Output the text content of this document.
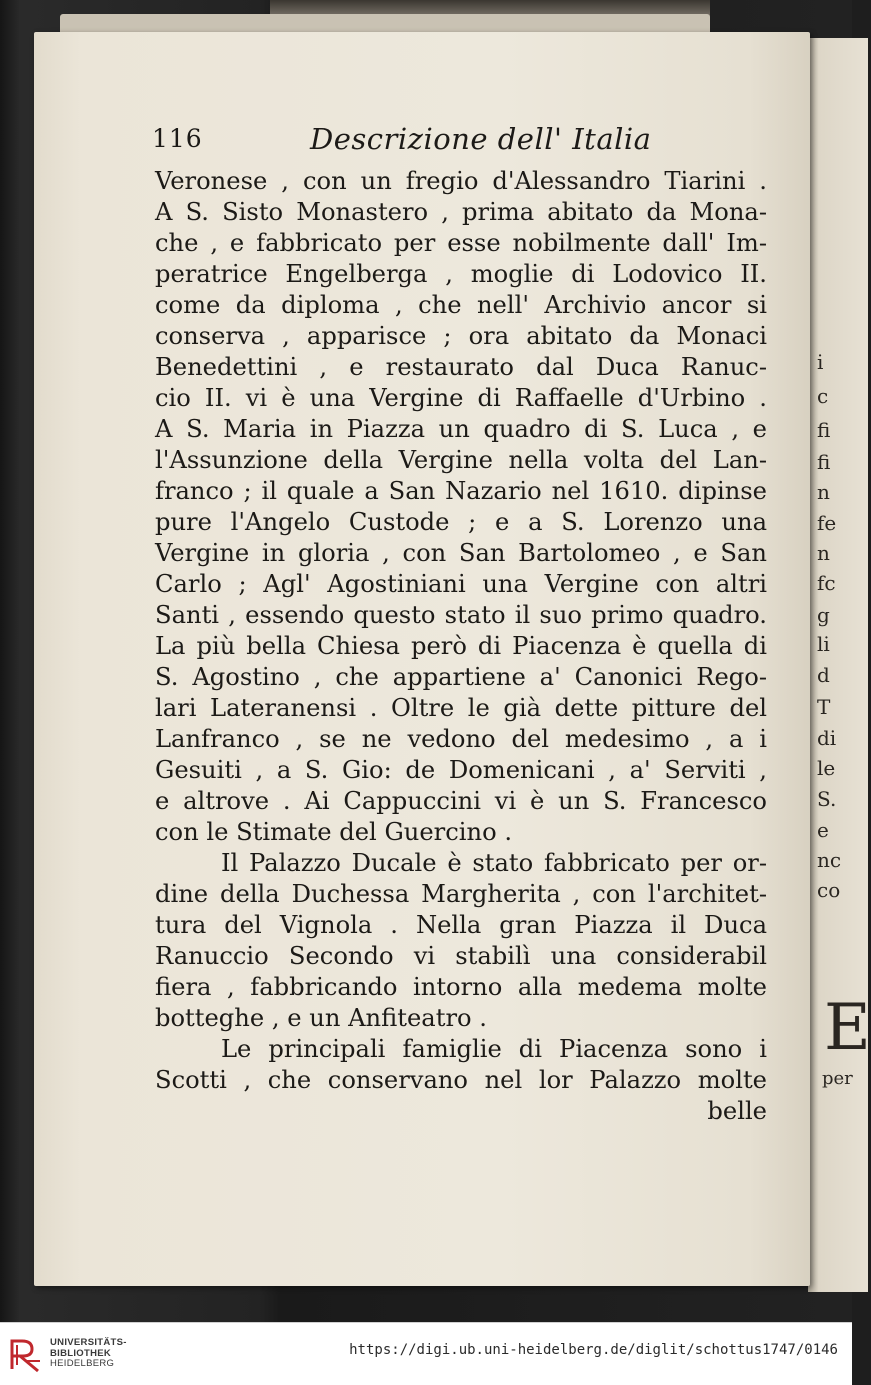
i
c
fi
fi
n
fe
n
fc
g
li
d
T
di
le
S.
e
nc
co
E
per
116	Descrizione dell' Italia
Veronese , con un fregio d'Alessandro Tiarini .
A S. Sisto Monastero , prima abitato da Mona-
che , e fabbricato per esse nobilmente dall' Im-
peratrice Engelberga , moglie di Lodovico II.
come da diploma , che nell' Archivio ancor si
conserva , apparisce ; ora abitato da Monaci
Benedettini , e restaurato dal Duca Ranuc-
cio II. vi è una Vergine di Raffaelle d'Urbino .
A S. Maria in Piazza un quadro di S. Luca , e
l'Assunzione della Vergine nella volta del Lan-
franco ; il quale a San Nazario nel 1610. dipinse
pure l'Angelo Custode ; e a S. Lorenzo una
Vergine in gloria , con San Bartolomeo , e San
Carlo ; Agl' Agostiniani una Vergine con altri
Santi , essendo questo stato il suo primo quadro.
La più bella Chiesa però di Piacenza è quella di
S. Agostino , che appartiene a' Canonici Rego-
lari Lateranensi . Oltre le già dette pitture del
Lanfranco , se ne vedono del medesimo , a i
Gesuiti , a S. Gio: de Domenicani , a' Serviti ,
e altrove . Ai Cappuccini vi è un S. Francesco
con le Stimate del Guercino .
Il Palazzo Ducale è stato fabbricato per or-
dine della Duchessa Margherita , con l'architet-
tura del Vignola . Nella gran Piazza il Duca
Ranuccio Secondo vi stabilì una considerabil
fiera , fabbricando intorno alla medema molte
botteghe , e un Anfiteatro .
Le principali famiglie di Piacenza sono i
Scotti , che conservano nel lor Palazzo molte
belle
UNIVERSITÄTS-
BIBLIOTHEK
HEIDELBERG
https://digi.ub.uni-heidelberg.de/diglit/schottus1747/0146
